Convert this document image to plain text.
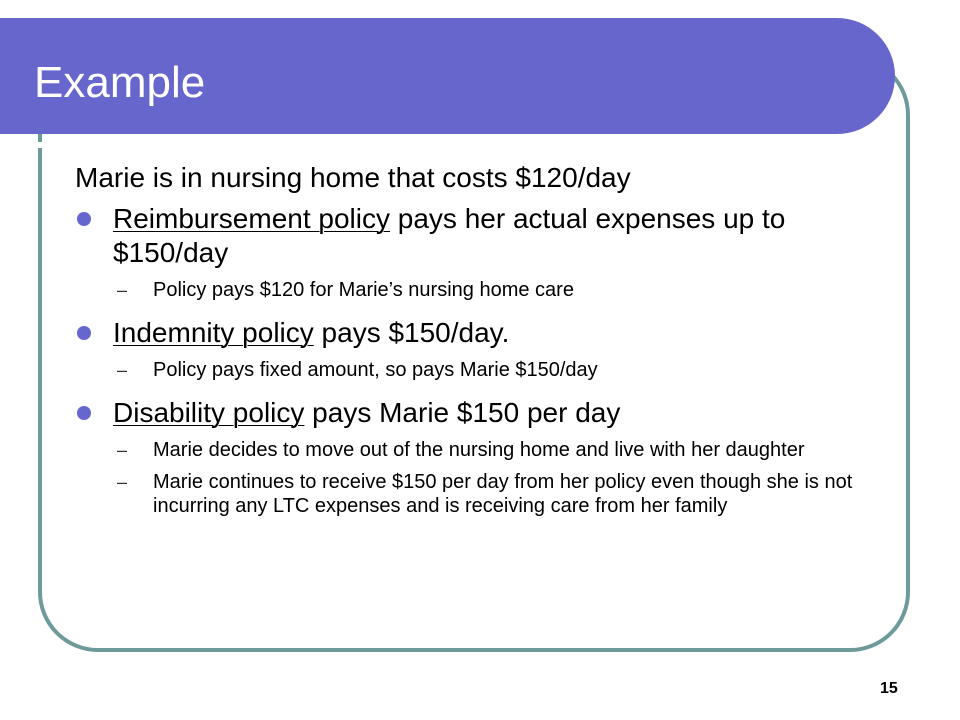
Example
Marie is in nursing home that costs $120/day
Reimbursement policy pays her actual expenses up to $150/day
– Policy pays $120 for Marie’s nursing home care
Indemnity policy pays $150/day.
– Policy pays fixed amount, so pays Marie $150/day
Disability policy pays Marie $150 per day
– Marie decides to move out of the nursing home and live with her daughter
– Marie continues to receive $150 per day from her policy even though she is not incurring any LTC expenses and is receiving care from her family
15
